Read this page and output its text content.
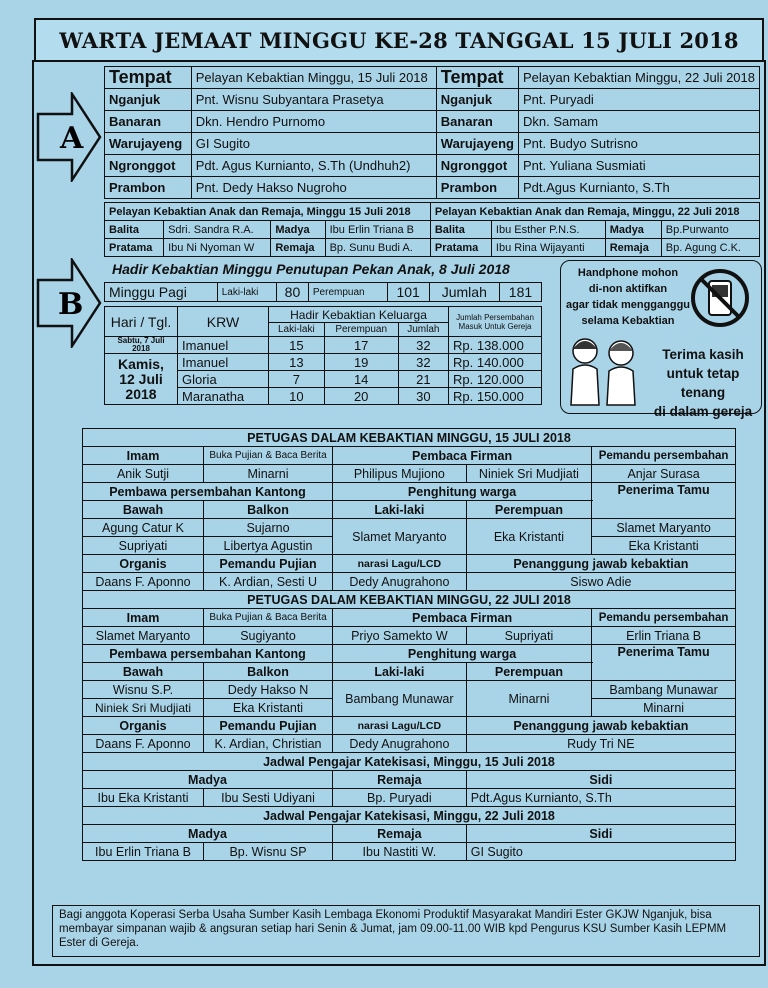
WARTA JEMAAT MINGGU KE-28 TANGGAL 15 JULI 2018
A
B
Tempat	Pelayan Kebaktian Minggu, 15 Juli 2018	Tempat	Pelayan Kebaktian Minggu, 22 Juli 2018
Nganjuk	Pnt. Wisnu Subyantara Prasetya	Nganjuk	Pnt. Puryadi
Banaran	Dkn. Hendro Purnomo	Banaran	Dkn. Samam
Warujayeng	GI Sugito	Warujayeng	Pnt. Budyo Sutrisno
Ngronggot	Pdt. Agus Kurnianto, S.Th (Undhuh2)	Ngronggot	Pnt. Yuliana Susmiati
Prambon	Pnt. Dedy Hakso Nugroho	Prambon	Pdt.Agus Kurnianto, S.Th
Pelayan Kebaktian Anak dan Remaja, Minggu 15 Juli 2018				Pelayan Kebaktian Anak dan Remaja, Minggu, 22 Juli 2018			
Balita	Sdri. Sandra R.A.	Madya	Ibu Erlin Triana B	Balita	Ibu Esther P.N.S.	Madya	Bp.Purwanto
Pratama	Ibu Ni Nyoman W	Remaja	Bp. Sunu Budi A.	Pratama	Ibu Rina Wijayanti	Remaja	Bp. Agung C.K.
Hadir Kebaktian Minggu Penutupan Pekan Anak, 8 Juli 2018
Minggu Pagi	Laki-laki	80	Perempuan	101	Jumlah	181
Hari / Tgl.	KRW	Hadir Kebaktian Keluarga			Jumlah Persembahan Masuk Untuk Gereja
		Laki-laki	Perempuan	Jumlah	
Sabtu, 7 Juli 2018	Imanuel	15	17	32	Rp. 138.000

Kamis,
12 Juli 2018	Imanuel	13	19	32	Rp. 140.000
	Gloria	7	14	21	Rp. 120.000
	Maranatha	10	20	30	Rp. 150.000
Handphone mohon
di-non aktifkan
agar tidak mengganggu
selama Kebaktian
Terima kasih
untuk tetap tenang
di dalam gereja
PETUGAS DALAM KEBAKTIAN MINGGU, 15 JULI 2018				
Imam	Buka Pujian & Baca Berita	Pembaca Firman		Pemandu persembahan
Anik Sutji	Minarni	Philipus Mujiono	Niniek Sri Mudjiati	Anjar Surasa
Pembawa persembahan Kantong		Penghitung warga		Penerima Tamu
Bawah	Balkon	Laki-laki	Perempuan	
Agung Catur K	Sujarno	Slamet Maryanto	Eka Kristanti	Slamet Maryanto
Supriyati	Libertya Agustin			Eka Kristanti
Organis	Pemandu Pujian	narasi Lagu/LCD	Penanggung jawab kebaktian	
Daans F. Aponno	K. Ardian, Sesti U	Dedy Anugrahono	Siswo Adie	
PETUGAS DALAM KEBAKTIAN MINGGU, 22 JULI 2018				
Imam	Buka Pujian & Baca Berita	Pembaca Firman		Pemandu persembahan
Slamet Maryanto	Sugiyanto	Priyo Samekto W	Supriyati	Erlin Triana B
Pembawa persembahan Kantong		Penghitung warga		Penerima Tamu
Bawah	Balkon	Laki-laki	Perempuan	
Wisnu S.P.	Dedy Hakso N	Bambang Munawar	Minarni	Bambang Munawar
Niniek Sri Mudjiati	Eka Kristanti			Minarni
Organis	Pemandu Pujian	narasi Lagu/LCD	Penanggung jawab kebaktian	
Daans F. Aponno	K. Ardian, Christian	Dedy Anugrahono	Rudy Tri NE	
Jadwal Pengajar Katekisasi, Minggu, 15 Juli 2018				
Madya		Remaja	Sidi	
Ibu Eka Kristanti	Ibu Sesti Udiyani	Bp. Puryadi	Pdt.Agus Kurnianto, S.Th	
Jadwal Pengajar Katekisasi, Minggu, 22 Juli 2018				
Madya		Remaja	Sidi	
Ibu Erlin Triana B	Bp. Wisnu SP	Ibu Nastiti W.	GI Sugito	
Bagi anggota Koperasi Serba Usaha Sumber Kasih Lembaga Ekonomi Produktif Masyarakat Mandiri Ester GKJW Nganjuk, bisa membayar simpanan wajib & angsuran setiap hari Senin & Jumat, jam 09.00-11.00 WIB kpd Pengurus KSU Sumber Kasih LEPMM Ester di Gereja.
